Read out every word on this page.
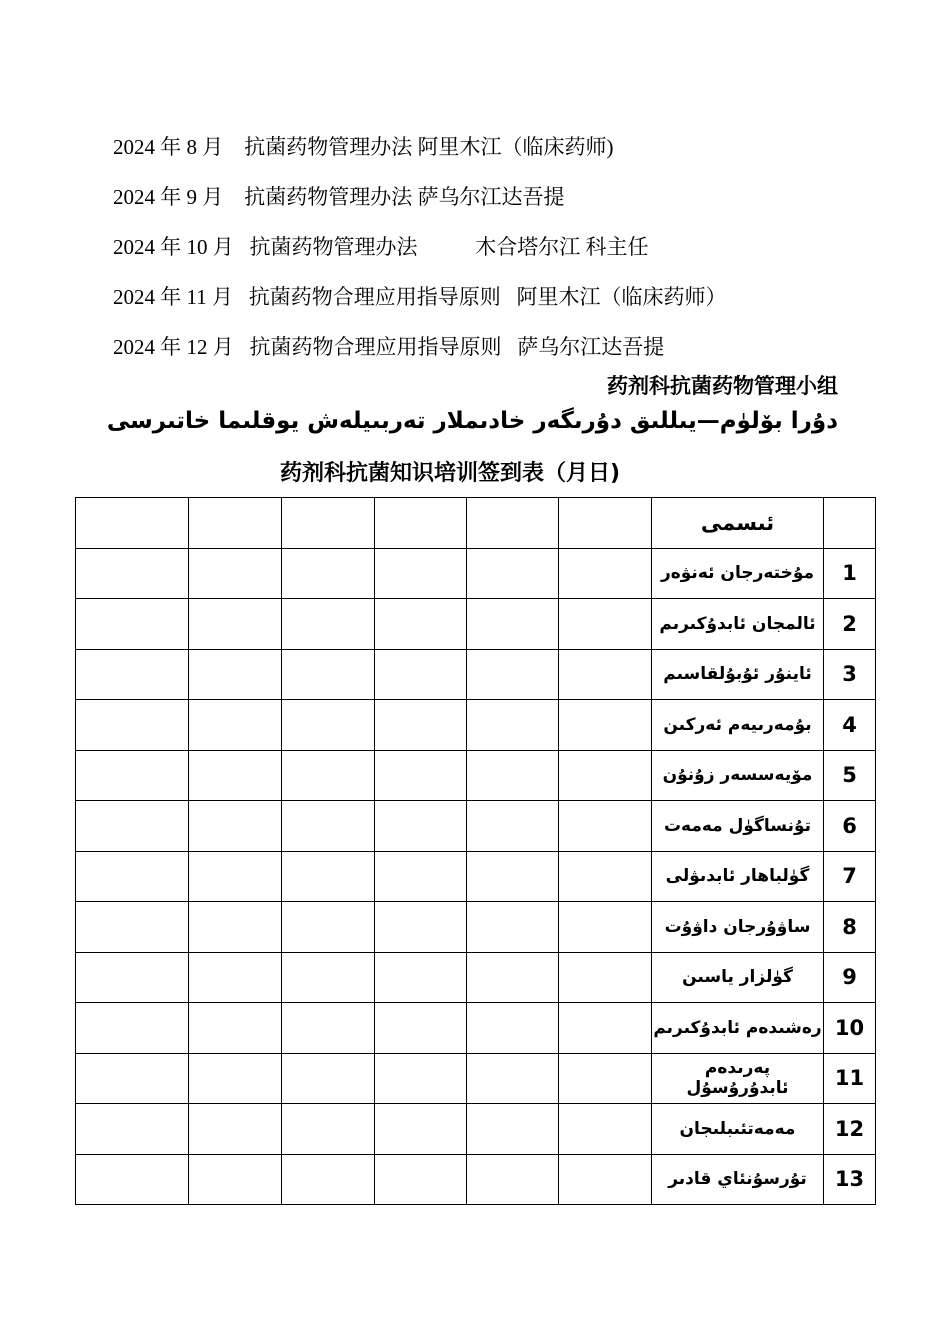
2024 年 8 月    抗菌药物管理办法 阿里木江（临床药师)
2024 年 9 月    抗菌药物管理办法 萨乌尔江达吾提
2024 年 10 月   抗菌药物管理办法           木合塔尔江 科主任
2024 年 11 月   抗菌药物合理应用指导原则   阿里木江（临床药师）
2024 年 12 月   抗菌药物合理应用指导原则   萨乌尔江达吾提
药剂科抗菌药物管理小组
دۇرا بۆلۈم—يىللىق دۇرىگەر خادىملار تەربىيلەش يوقلىما خاتىرسى
药剂科抗菌知识培训签到表（月日)
						ئىسمى	
						مۇختەرجان ئەنۋەر	1
						ئالمجان ئابدۇكىرىم	2
						ئاينۇر ئۇبۇلقاسىم	3
						بۇمەرىيەم ئەركىن	4
						مۆيەسسەر زۇنۇن	5
						تۇنساگۈل مەمەت	6
						گۈلباھار ئابدىۋلى	7
						ساۋۇرجان داۋۇت	8
						گۈلزار ياسىن	9
						رەشىدەم ئابدۇكىرىم	10
						پەرىدەم ئابدۇرۇسۇل	11
						مەمەتئىبلىجان	12
						تۇرسۇنئاي قادىر	13
